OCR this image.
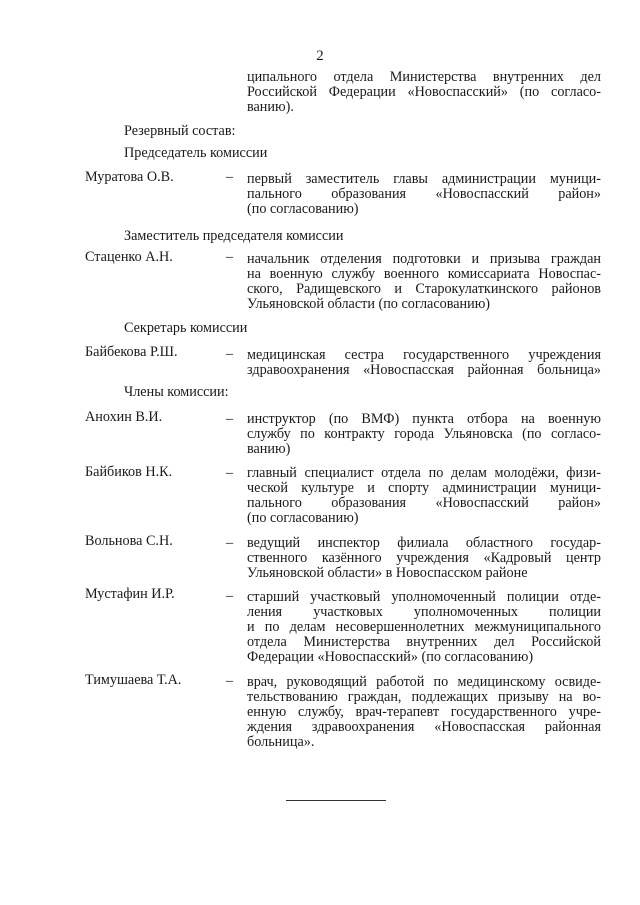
2
ципального отдела Министерства внутренних дел
Российской Федерации «Новоспасский» (по согласо-
ванию).
Резервный состав:
Председатель комиссии
Муратова О.В.	– первый заместитель главы администрации муници-
пального образования «Новоспасский район»
(по согласованию)
Заместитель председателя комиссии
Стаценко А.Н.	– начальник отделения подготовки и призыва граждан
на военную службу военного комиссариата Новоспас-
ского, Радищевского и Старокулаткинского районов
Ульяновской области (по согласованию)
Секретарь комиссии
Байбекова Р.Ш.	– медицинская сестра государственного учреждения
здравоохранения «Новоспасская районная больница»
Члены комиссии:
Анохин В.И.	– инструктор (по ВМФ) пункта отбора на военную
службу по контракту города Ульяновска (по согласо-
ванию)
Байбиков Н.К.	– главный специалист отдела по делам молодёжи, физи-
ческой культуре и спорту администрации муници-
пального образования «Новоспасский район»
(по согласованию)
Вольнова С.Н.	– ведущий инспектор филиала областного государ-
ственного казённого учреждения «Кадровый центр
Ульяновской области» в Новоспасском районе
Мустафин И.Р.	– старший участковый уполномоченный полиции отде-
ления участковых уполномоченных полиции
и по делам несовершеннолетних межмуниципального
отдела Министерства внутренних дел Российской
Федерации «Новоспасский» (по согласованию)
Тимушаева Т.А.	– врач, руководящий работой по медицинскому освиде-
тельствованию граждан, подлежащих призыву на во-
енную службу, врач-терапевт государственного учре-
ждения здравоохранения «Новоспасская районная
больница».
